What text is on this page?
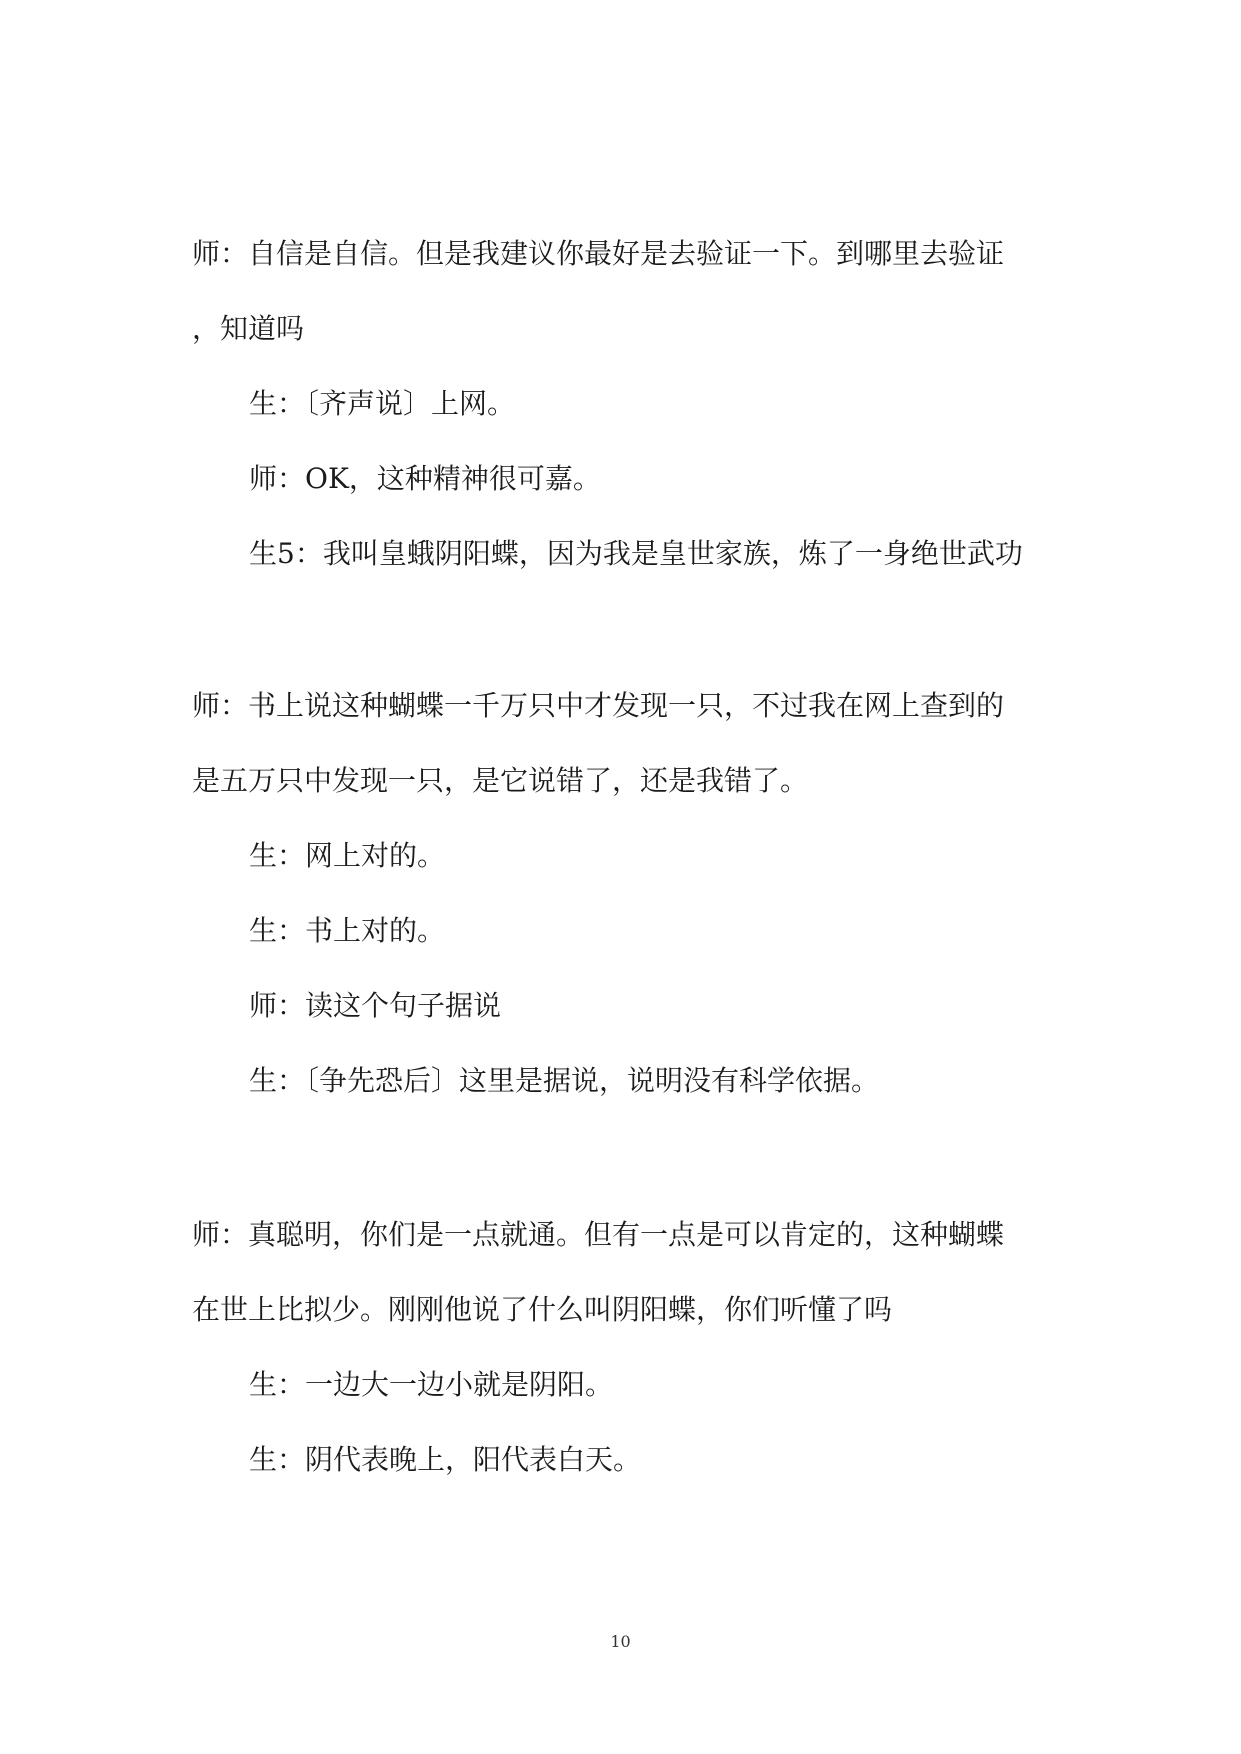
师：自信是自信。但是我建议你最好是去验证一下。到哪里去验证
，知道吗
生：〔齐声说〕上网。
师：OK，这种精神很可嘉。
生5：我叫皇蛾阴阳蝶，因为我是皇世家族，炼了一身绝世武功
师：书上说这种蝴蝶一千万只中才发现一只，不过我在网上查到的
是五万只中发现一只，是它说错了，还是我错了。
生：网上对的。
生：书上对的。
师：读这个句子据说
生：〔争先恐后〕这里是据说，说明没有科学依据。
师：真聪明，你们是一点就通。但有一点是可以肯定的，这种蝴蝶
在世上比拟少。刚刚他说了什么叫阴阳蝶，你们听懂了吗
生：一边大一边小就是阴阳。
生：阴代表晚上，阳代表白天。
10
